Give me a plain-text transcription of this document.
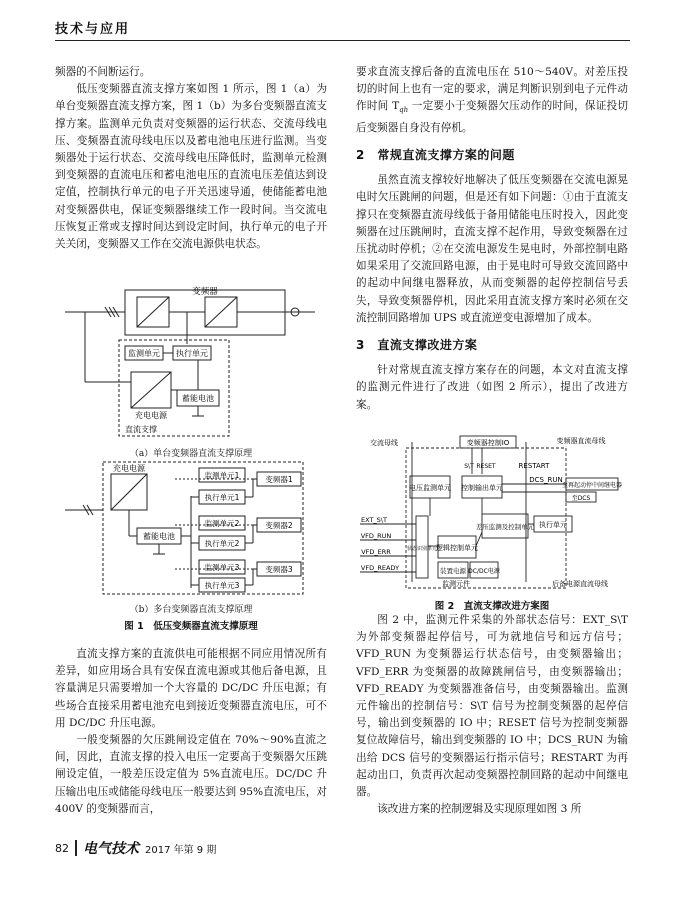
技术与应用

频器的不间断运行。

低压变频器直流支撑方案如图 1 所示，图 1（a）为单台变频器直流支撑方案，图 1（b）为多台变频器直流支撑方案。监测单元负责对变频器的运行状态、交流母线电压、变频器直流母线电压以及蓄电池电压进行监测。当变频器处于运行状态、交流母线电压降低时，监测单元检测到变频器的直流电压和蓄电池电压的直流电压差值达到设定值，控制执行单元的电子开关迅速导通，使储能蓄电池对变频器供电，保证变频器继续工作一段时间。当交流电压恢复正常或支撑时间达到设定时间，执行单元的电子开关关闭，变频器又工作在交流电源供电状态。

变频器
监测单元 执行单元
充电电源
蓄能电池
直流支撑
（a）单台变频器直流支撑原理
充电电源
蓄能电池
监测单元1
执行单元1
变频器1
监测单元2
执行单元2
变频器2
监测单元3
执行单元3
变频器3
（b）多台变频器直流支撑原理
图 1　低压变频器直流支撑原理

直流支撑方案的直流供电可能根据不同应用情况所有差异，如应用场合具有安保直流电源或其他后备电源，且容量满足只需要增加一个大容量的 DC/DC 升压电源；有些场合直接采用蓄电池充电到接近变频器直流电压，可不用 DC/DC 升压电源。

一般变频器的欠压跳闸设定值在 70%～90%直流之间，因此，直流支撑的投入电压一定要高于变频器欠压跳闸设定值，一般差压设定值为 5%直流电压。DC/DC 升压输出电压或储能母线电压一般要达到 95%直流电压，对 400V 的变频器而言，

要求直流支撑后备的直流电压在 510～540V。对差压投切的时间上也有一定的要求，满足判断识别到电子元件动作时间 $T_{qh}$ 一定要小于变频器欠压动作的时间，保证投切后变频器自身没有停机。

2　常规直流支撑方案的问题

虽然直流支撑较好地解决了低压变频器在交流电源晃电时欠压跳闸的问题，但是还有如下问题：①由于直流支撑只在变频器直流母线低于备用储能电压时投入，因此变频器在过压跳闸时，直流支撑不起作用，导致变频器在过压扰动时停机；②在交流电源发生晃电时，外部控制电路如果采用了交流回路电源，由于晃电时可导致交流回路中的起动中间继电器释放，从而变频器的起停控制信号丢失，导致变频器停机，因此采用直流支撑方案时必须在交流控制回路增加 UPS 或直流逆变电源增加了成本。

3　直流支撑改进方案

针对常规直流支撑方案存在的问题，本文对直流支撑的监测元件进行了改进（如图 2 所示），提出了改进方案。

交流母线	变频器控制IO	变频器直流母线
S\T RESET	RESTART
DCS_RUN
至再起动停中间继电器
至DCS
电压监测单元 控制输出单元
差压监测及控制单元 执行单元
状态识别单元
逻辑控制单元
装置电源 DC/DC电源
EXT_S\T
VFD_RUN
VFD_ERR
VFD_READY
监测元件	后备电源直流母线
图 2　直流支撑改进方案图

图 2 中，监测元件采集的外部状态信号：EXT_S\T 为外部变频器起停信号，可为就地信号和远方信号；VFD_RUN 为变频器运行状态信号，由变频器输出；VFD_ERR 为变频器的故障跳闸信号，由变频器输出；VFD_READY 为变频器准备信号，由变频器输出。监测元件输出的控制信号：S\T 信号为控制变频器的起停信号，输出到变频器的 IO 中；RESET 信号为控制变频器复位故障信号，输出到变频器的 IO 中；DCS_RUN 为输出给 DCS 信号的变频器运行指示信号；RESTART 为再起动出口，负责再次起动变频器控制回路的起动中间继电器。

该改进方案的控制逻辑及实现原理如图 3 所

82 电气技术 2017 年第 9 期
